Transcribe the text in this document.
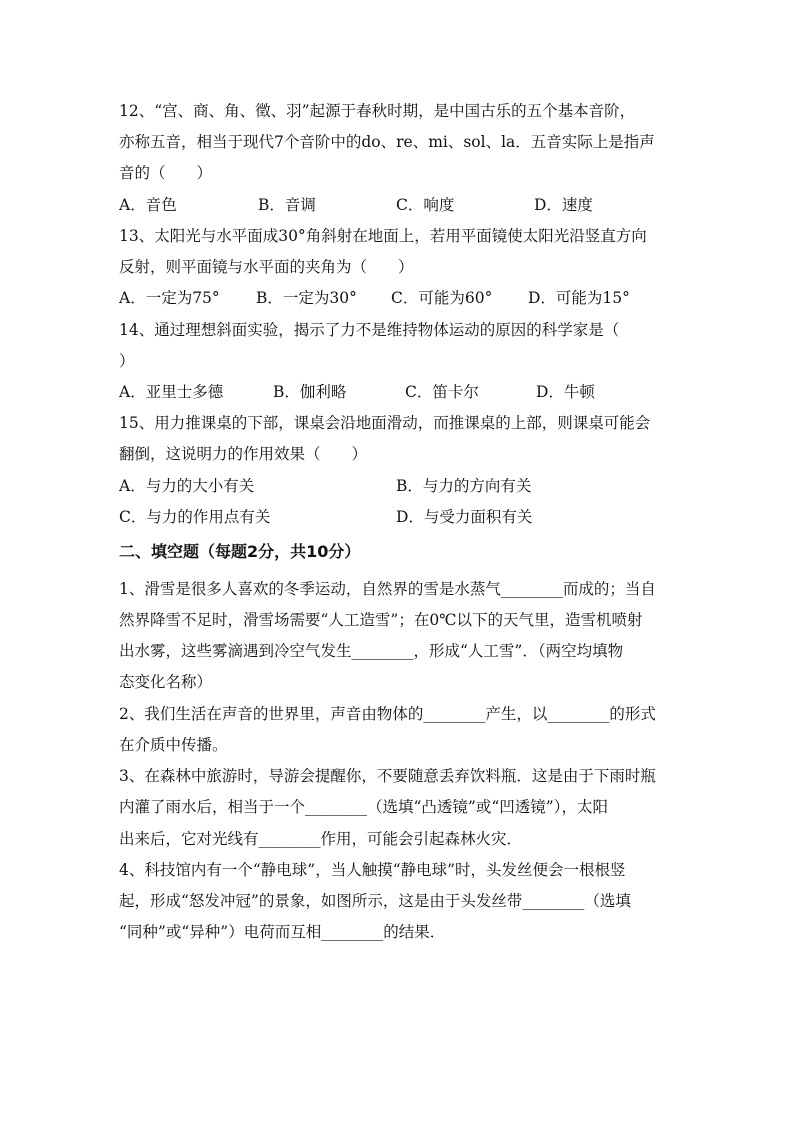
12、“宫、商、角、徵、羽”起源于春秋时期，是中国古乐的五个基本音阶，

亦称五音，相当于现代7个音阶中的do、re、mi、sol、la．五音实际上是指声

音的（　　）

A．音色	B．音调	C．响度	D．速度

13、太阳光与水平面成30°角斜射在地面上，若用平面镜使太阳光沿竖直方向

反射，则平面镜与水平面的夹角为（　　）

A．一定为75° B．一定为30° C．可能为60° D．可能为15°

14、通过理想斜面实验，揭示了力不是维持物体运动的原因的科学家是（

）

A．亚里士多德	B．伽利略	C．笛卡尔	D．牛顿

15、用力推课桌的下部，课桌会沿地面滑动，而推课桌的上部，则课桌可能会

翻倒，这说明力的作用效果（　　）

A．与力的大小有关	B．与力的方向有关

C．与力的作用点有关	D．与受力面积有关

二、填空题（每题2分，共10分）

1、滑雪是很多人喜欢的冬季运动，自然界的雪是水蒸气________而成的；当自

然界降雪不足时，滑雪场需要“人工造雪”；在0℃以下的天气里，造雪机喷射

出水雾，这些雾滴遇到冷空气发生________，形成“人工雪”．（两空均填物

态变化名称）

2、我们生活在声音的世界里，声音由物体的________产生，以________的形式

在介质中传播。

3、在森林中旅游时，导游会提醒你，不要随意丢弃饮料瓶．这是由于下雨时瓶

内灌了雨水后，相当于一个________（选填“凸透镜”或“凹透镜”），太阳

出来后，它对光线有________作用，可能会引起森林火灾．

4、科技馆内有一个“静电球”，当人触摸“静电球”时，头发丝便会一根根竖

起，形成“怒发冲冠”的景象，如图所示，这是由于头发丝带________（选填

“同种”或“异种”）电荷而互相________的结果．
